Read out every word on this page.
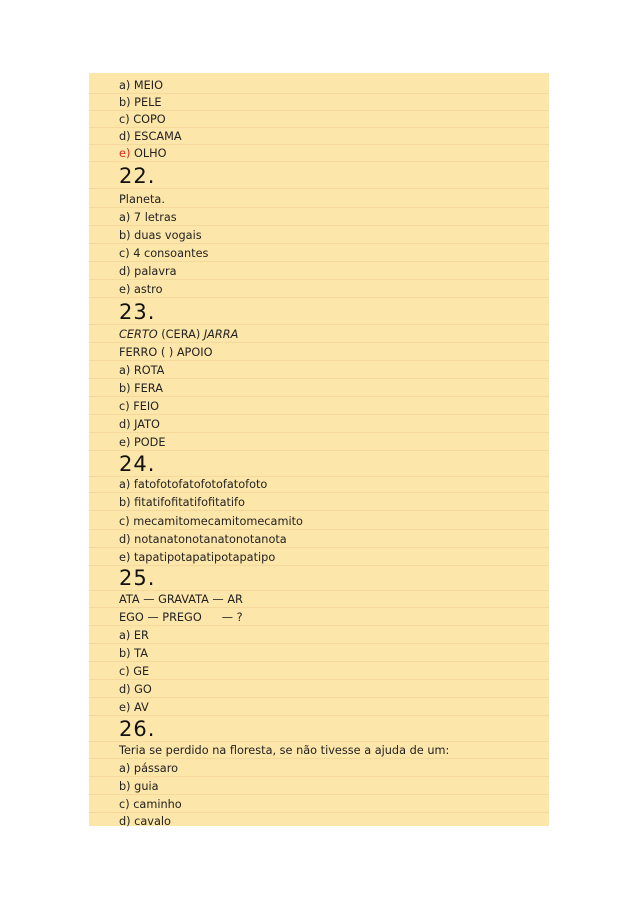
a) MEIO
b) PELE
c) COPO
d) ESCAMA
e) OLHO
22.
Planeta.
a) 7 letras
b) duas vogais
c) 4 consoantes
d) palavra
e) astro
23.
CERTO (CERA) JARRA
FERRO ( ) APOIO
a) ROTA
b) FERA
c) FEIO
d) JATO
e) PODE
24.
a) fatofotofatofotofatofoto
b) fitatifofitatifofitatifo
c) mecamitomecamitomecamito
d) notanatonotanatonotanota
e) tapatipotapatipotapatipo
25.
ATA — GRAVATA — AR
EGO — PREGO — ?
a) ER
b) TA
c) GE
d) GO
e) AV
26.
Teria se perdido na floresta, se não tivesse a ajuda de um:
a) pássaro
b) guia
c) caminho
d) cavalo
